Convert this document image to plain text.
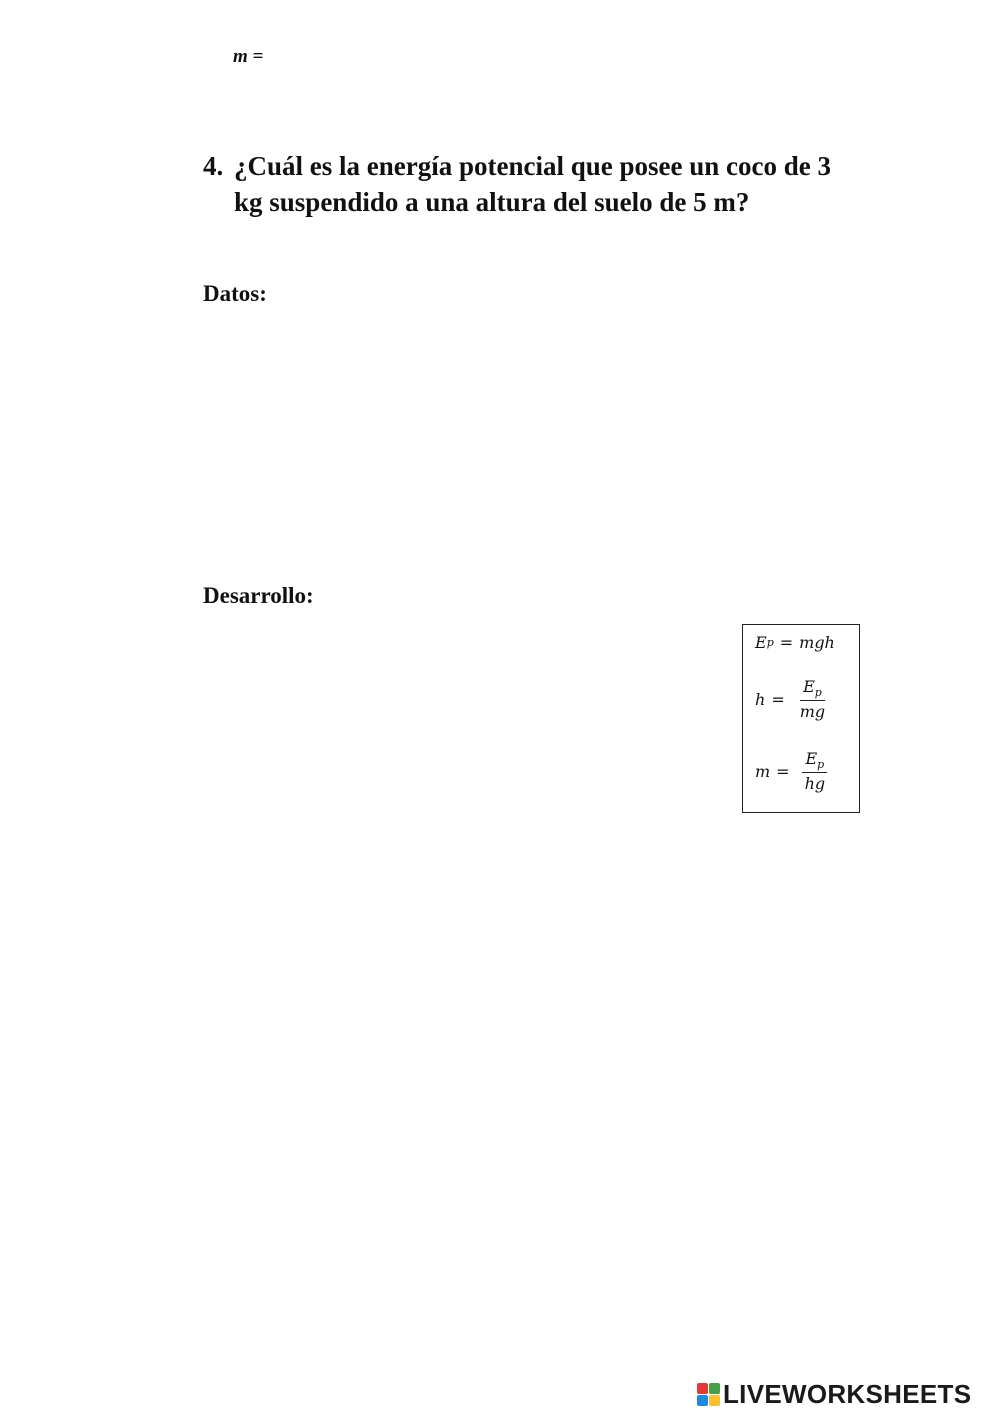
m =
4. ¿Cuál es la energía potencial que posee un coco de 3 kg suspendido a una altura del suelo de 5 m?
Datos:
Desarrollo:
E p = mgh
$h = \frac{E_p}{mg}$
$m = \frac{E_p}{hg}$
LIVEWORKSHEETS
